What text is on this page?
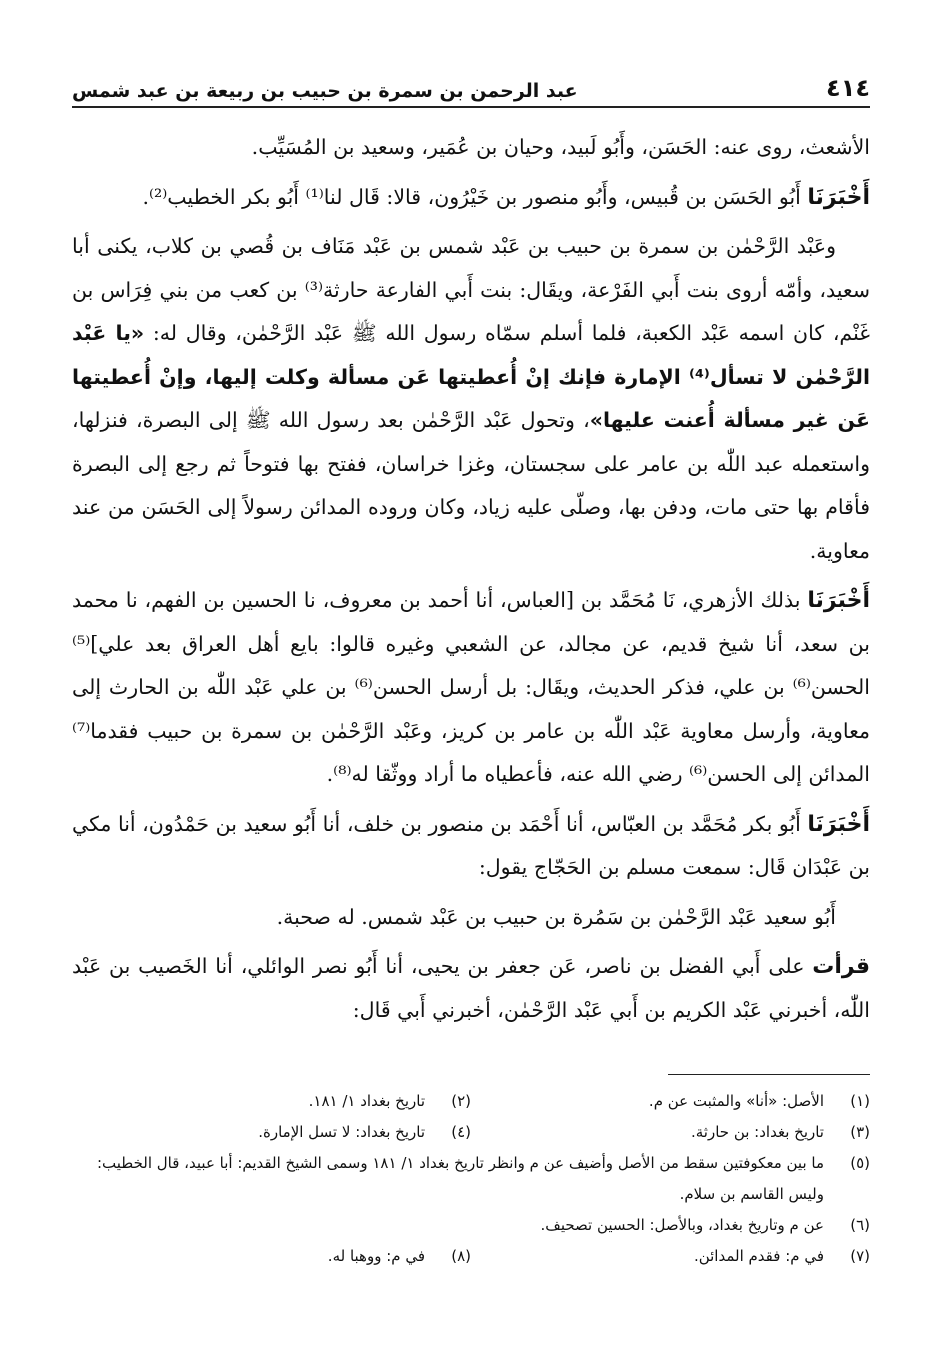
٤١٤
عبد الرحمن بن سمرة بن حبيب بن ربيعة بن عبد شمس

الأشعث، روى عنه: الحَسَن، وأَبُو لَبيد، وحيان بن عُمَير، وسعيد بن المُسَيِّب.

أَخْبَرَنَا أَبُو الحَسَن بن قُبيس، وأَبُو منصور بن خَيْرُون، قالا: قَال لنا⁽¹⁾ أَبُو بكر الخطيب⁽²⁾.

وعَبْد الرَّحْمٰن بن سمرة بن حبيب بن عَبْد شمس بن عَبْد مَنَاف بن قُصي بن كلاب، يكنى أبا سعيد، وأمّه أروى بنت أَبي الفَرْعة، ويقَال: بنت أَبي الفارعة حارثة⁽³⁾ بن كعب من بني فِرَاس بن غَنْم، كان اسمه عَبْد الكعبة، فلما أسلم سمّاه رسول الله ﷺ عَبْد الرَّحْمٰن، وقال له: «يا عَبْد الرَّحْمٰن لا تسأل⁽⁴⁾ الإمارة فإنك إنْ أُعطيتها عَن مسألة وكلت إليها، وإنْ أُعطيتها عَن غير مسألة أُعنت عليها»، وتحول عَبْد الرَّحْمٰن بعد رسول الله ﷺ إلى البصرة، فنزلها، واستعمله عبد اللّٰه بن عامر على سجستان، وغزا خراسان، ففتح بها فتوحاً ثم رجع إلى البصرة فأقام بها حتى مات، ودفن بها، وصلّى عليه زياد، وكان وروده المدائن رسولاً إلى الحَسَن من عند معاوية.

أَخْبَرَنَا بذلك الأزهري، نَا مُحَمَّد بن [العباس، أنا أحمد بن معروف، نا الحسين بن الفهم، نا محمد بن سعد، أنا شيخ قديم، عن مجالد، عن الشعبي وغيره قالوا: بايع أهل العراق بعد علي]⁽⁵⁾ الحسن⁽⁶⁾ بن علي، فذكر الحديث، ويقَال: بل أرسل الحسن⁽⁶⁾ بن علي عَبْد اللّٰه بن الحارث إلى معاوية، وأرسل معاوية عَبْد اللّٰه بن عامر بن كريز، وعَبْد الرَّحْمٰن بن سمرة بن حبيب فقدما⁽⁷⁾ المدائن إلى الحسن⁽⁶⁾ رضي الله عنه، فأعطياه ما أراد ووثّقا له⁽⁸⁾.

أَخْبَرَنَا أَبُو بكر مُحَمَّد بن العبّاس، أنا أَحْمَد بن منصور بن خلف، أنا أَبُو سعيد بن حَمْدُون، أنا مكي بن عَبْدَان قَال: سمعت مسلم بن الحَجّاج يقول:

أَبُو سعيد عَبْد الرَّحْمٰن بن سَمُرة بن حبيب بن عَبْد شمس. له صحبة.

قرأت على أَبي الفضل بن ناصر، عَن جعفر بن يحيى، أنا أَبُو نصر الوائلي، أنا الخَصيب بن عَبْد اللّٰه، أخبرني عَبْد الكريم بن أَبي عَبْد الرَّحْمٰن، أخبرني أَبي قَال:

(١)
الأصل: «أنا» والمثبت عن م.
(٢)
تاريخ بغداد ١/ ١٨١.
(٣)
تاريخ بغداد: بن حارثة.
(٤)
تاريخ بغداد: لا تسل الإمارة.
(٥)
ما بين معكوفتين سقط من الأصل وأضيف عن م وانظر تاريخ بغداد ١/ ١٨١ وسمى الشيخ القديم: أبا عبيد، قال الخطيب: وليس القاسم بن سلام.
(٦)
عن م وتاريخ بغداد، وبالأصل: الحسين تصحيف.
(٧)
في م: فقدم المدائن.
(٨)
في م: ووهبا له.
